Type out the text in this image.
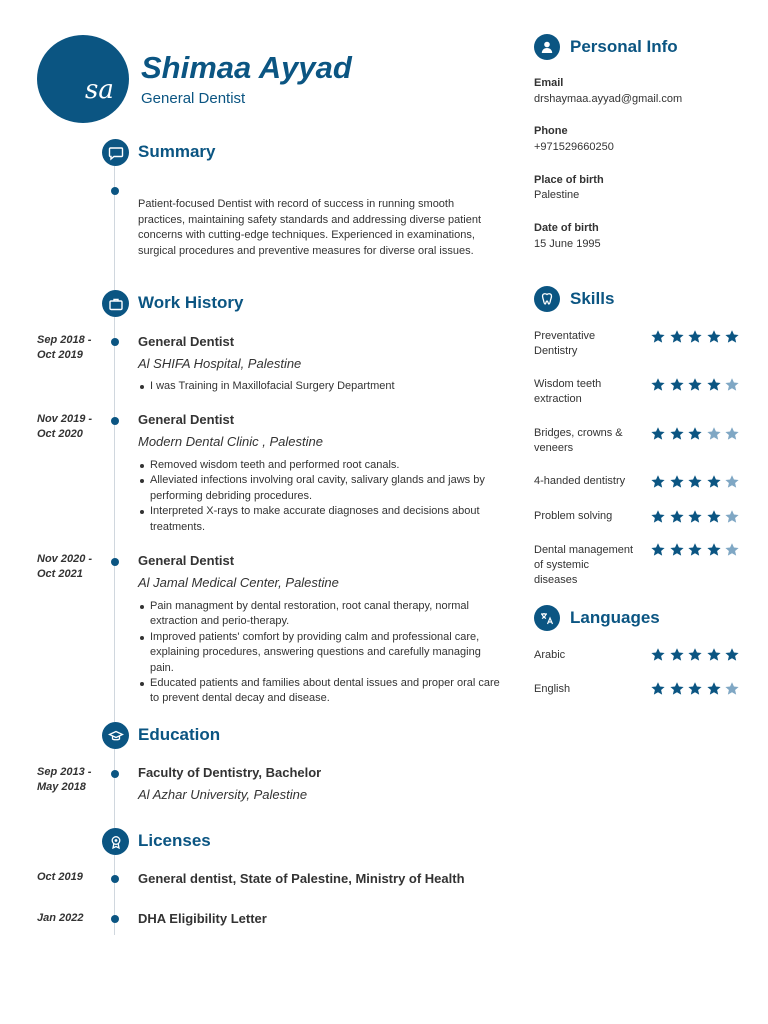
sa
Shimaa Ayyad
General Dentist
Summary
Patient-focused Dentist with record of success in running smooth practices, maintaining safety standards and addressing diverse patient concerns with cutting-edge techniques. Experienced in examinations, surgical procedures and preventive measures for diverse oral issues.
Work History
Sep 2018 - Oct 2019
General Dentist
Al SHIFA Hospital, Palestine
I was Training in Maxillofacial Surgery Department
Nov 2019 - Oct 2020
General Dentist
Modern Dental Clinic , Palestine
Removed wisdom teeth and performed root canals.
Alleviated infections involving oral cavity, salivary glands and jaws by performing debriding procedures.
Interpreted X-rays to make accurate diagnoses and decisions about treatments.
Nov 2020 - Oct 2021
General Dentist
Al Jamal Medical Center, Palestine
Pain managment by dental restoration, root canal therapy, normal extraction and perio-therapy.
Improved patients' comfort by providing calm and professional care, explaining procedures, answering questions and carefully managing pain.
Educated patients and families about dental issues and proper oral care to prevent dental decay and disease.
Education
Sep 2013 - May 2018
Faculty of Dentistry, Bachelor
Al Azhar University, Palestine
Licenses
Oct 2019	General dentist, State of Palestine, Ministry of Health
Jan 2022	DHA Eligibility Letter
Personal Info
Email
drshaymaa.ayyad@gmail.com
Phone
+971529660250
Place of birth
Palestine
Date of birth
15 June 1995
Skills
Preventative Dentistry
Wisdom teeth extraction
Bridges, crowns & veneers
4-handed dentistry
Problem solving
Dental management of systemic diseases
Languages
Arabic
English
